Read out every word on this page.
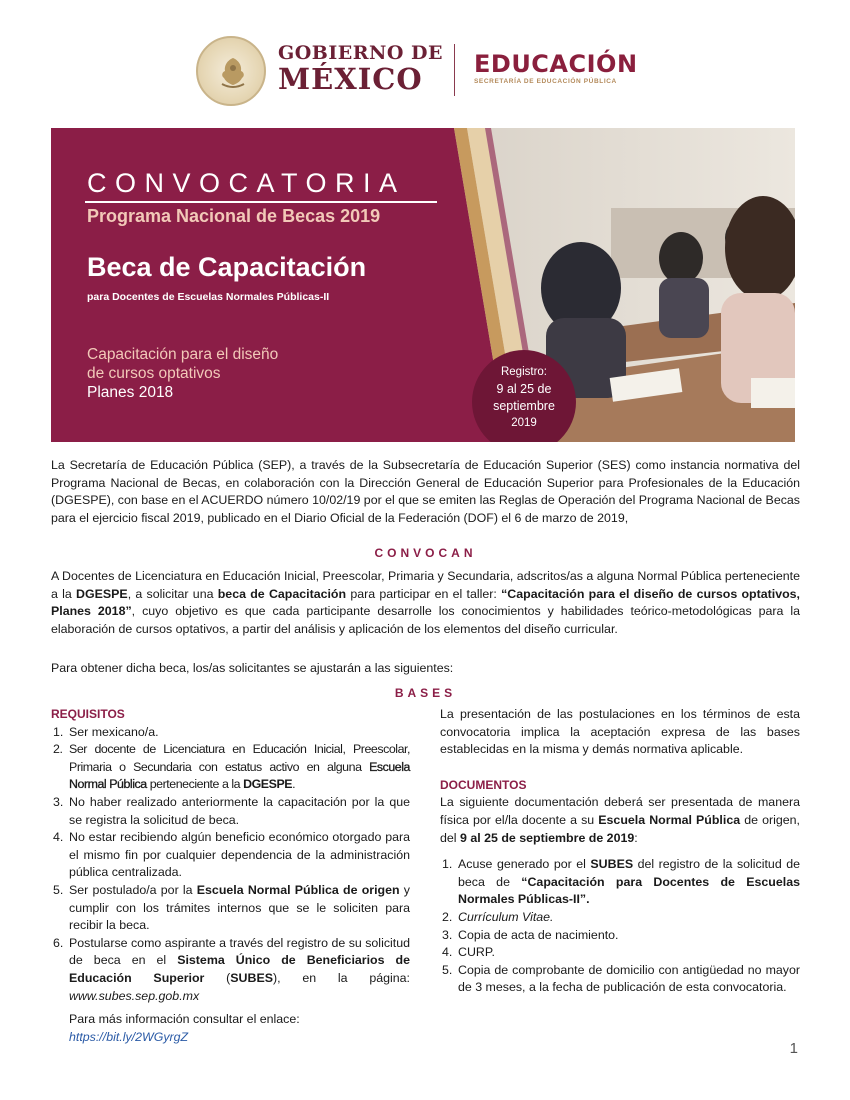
GOBIERNO DE
MÉXICO	EDUCACIÓN
SECRETARÍA DE EDUCACIÓN PÚBLICA
CONVOCATORIA
Programa Nacional de Becas 2019
Beca de Capacitación
para Docentes de Escuelas Normales Públicas-II
Capacitación para el diseño
de cursos optativos
Planes 2018
Registro:
9 al 25 de
septiembre
2019
La Secretaría de Educación Pública (SEP), a través de la Subsecretaría de Educación Superior (SES) como instancia normativa del Programa Nacional de Becas, en colaboración con la Dirección General de Educación Superior para Profesionales de la Educación (DGESPE), con base en el ACUERDO número 10/02/19 por el que se emiten las Reglas de Operación del Programa Nacional de Becas para el ejercicio fiscal 2019, publicado en el Diario Oficial de la Federación (DOF) el 6 de marzo de 2019,
CONVOCAN
A Docentes de Licenciatura en Educación Inicial, Preescolar, Primaria y Secundaria, adscritos/as a alguna Normal Pública perteneciente a la DGESPE, a solicitar una beca de Capacitación para participar en el taller: “Capacitación para el diseño de cursos optativos, Planes 2018”, cuyo objetivo es que cada participante desarrolle los conocimientos y habilidades teórico-metodológicas para la elaboración de cursos optativos, a partir del análisis y aplicación de los elementos del diseño curricular.
Para obtener dicha beca, los/as solicitantes se ajustarán a las siguientes:
BASES
REQUISITOS
1. Ser mexicano/a.
2. Ser docente de Licenciatura en Educación Inicial, Preescolar, Primaria o Secundaria con estatus activo en alguna Escuela Normal Pública perteneciente a la DGESPE.
3. No haber realizado anteriormente la capacitación por la que se registra la solicitud de beca.
4. No estar recibiendo algún beneficio económico otorgado para el mismo fin por cualquier dependencia de la administración pública centralizada.
5. Ser postulado/a por la Escuela Normal Pública de origen y cumplir con los trámites internos que se le soliciten para recibir la beca.
6. Postularse como aspirante a través del registro de su solicitud de beca en el Sistema Único de Beneficiarios de Educación Superior (SUBES), en la página: www.subes.sep.gob.mx
Para más información consultar el enlace:
https://bit.ly/2WGyrgZ
La presentación de las postulaciones en los términos de esta convocatoria implica la aceptación expresa de las bases establecidas en la misma y demás normativa aplicable.
DOCUMENTOS
La siguiente documentación deberá ser presentada de manera física por el/la docente a su Escuela Normal Pública de origen, del 9 al 25 de septiembre de 2019:
1. Acuse generado por el SUBES del registro de la solicitud de beca de “Capacitación para Docentes de Escuelas Normales Públicas-II”.
2. Currículum Vitae.
3. Copia de acta de nacimiento.
4. CURP.
5. Copia de comprobante de domicilio con antigüedad no mayor de 3 meses, a la fecha de publicación de esta convocatoria.
1
